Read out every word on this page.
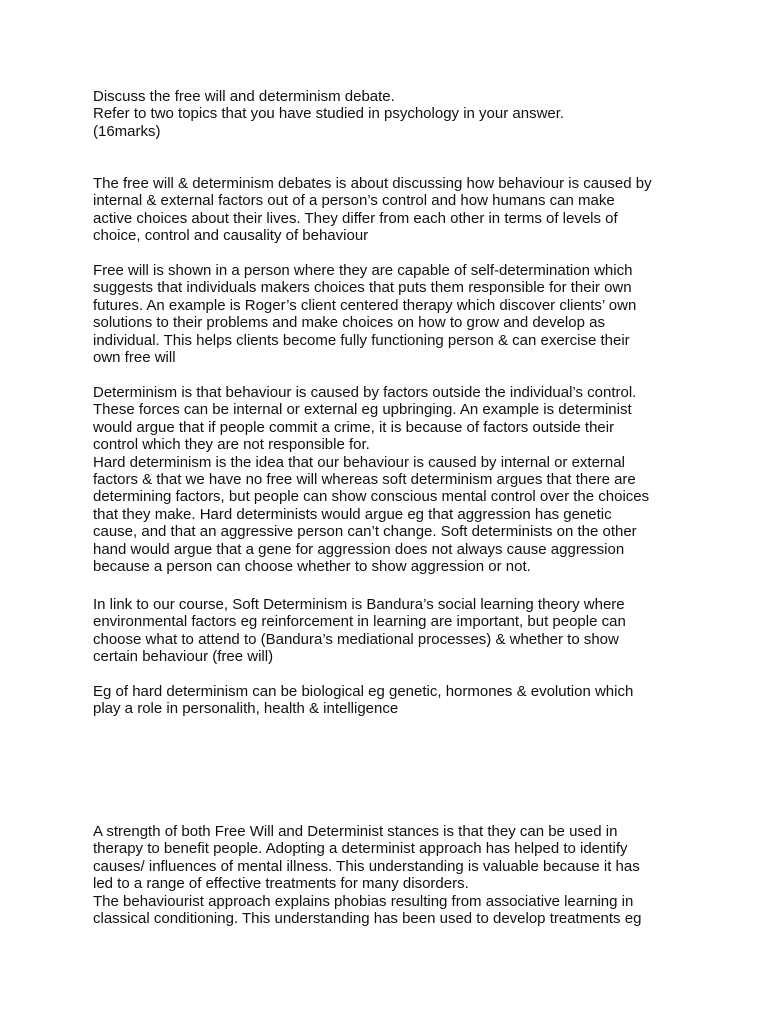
Discuss the free will and determinism debate.

Refer to two topics that you have studied in psychology in your answer.

(16marks)

The free will & determinism debates is about discussing how behaviour is caused by

internal & external factors out of a person’s control and how humans can make

active choices about their lives. They differ from each other in terms of levels of

choice, control and causality of behaviour

Free will is shown in a person where they are capable of self-determination which

suggests that individuals makers choices that puts them responsible for their own

futures. An example is Roger’s client centered therapy which discover clients’ own

solutions to their problems and make choices on how to grow and develop as

individual. This helps clients become fully functioning person & can exercise their

own free will

Determinism is that behaviour is caused by factors outside the individual’s control.

These forces can be internal or external eg upbringing. An example is determinist

would argue that if people commit a crime, it is because of factors outside their

control which they are not responsible for.

Hard determinism is the idea that our behaviour is caused by internal or external

factors & that we have no free will whereas soft determinism argues that there are

determining factors, but people can show conscious mental control over the choices

that they make. Hard determinists would argue eg that aggression has genetic

cause, and that an aggressive person can’t change. Soft determinists on the other

hand would argue that a gene for aggression does not always cause aggression

because a person can choose whether to show aggression or not.

In link to our course, Soft Determinism is Bandura’s social learning theory where

environmental factors eg reinforcement in learning are important, but people can

choose what to attend to (Bandura’s mediational processes) & whether to show

certain behaviour (free will)

Eg of hard determinism can be biological eg genetic, hormones & evolution which

play a role in personalith, health & intelligence

A strength of both Free Will and Determinist stances is that they can be used in

therapy to benefit people. Adopting a determinist approach has helped to identify

causes/ influences of mental illness. This understanding is valuable because it has

led to a range of effective treatments for many disorders.

The behaviourist approach explains phobias resulting from associative learning in

classical conditioning. This understanding has been used to develop treatments eg
